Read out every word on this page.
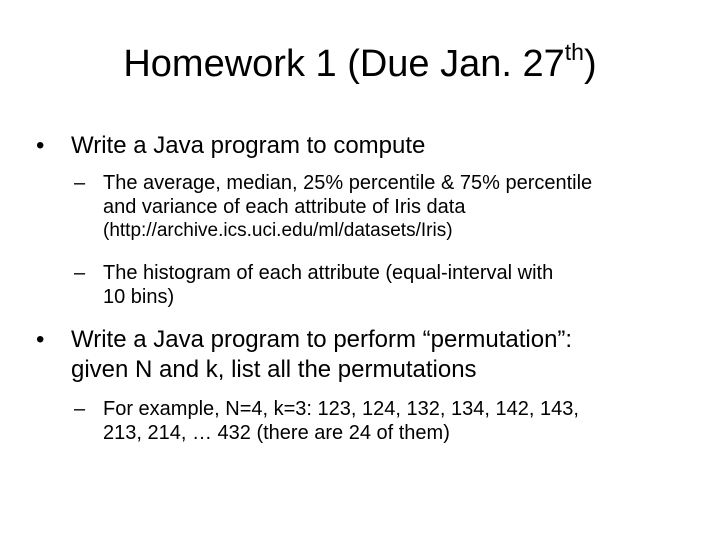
Homework 1 (Due Jan. 27th)
•	Write a Java program to compute
– The average, median, 25% percentile & 75% percentile
and variance of each attribute of Iris data
(http://archive.ics.uci.edu/ml/datasets/Iris)
– The histogram of each attribute (equal-interval with
10 bins)
•	Write a Java program to perform “permutation”:
given N and k, list all the permutations
– For example, N=4, k=3: 123, 124, 132, 134, 142, 143,
213, 214, … 432 (there are 24 of them)
